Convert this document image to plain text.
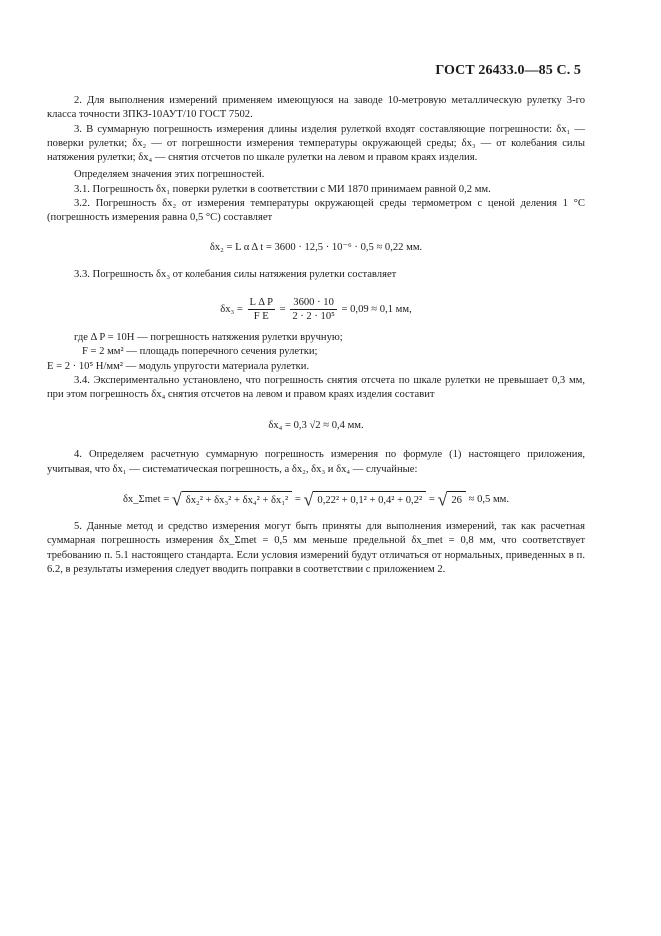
ГОСТ 26433.0—85 С. 5

2. Для выполнения измерений применяем имеющуюся на заводе 10-метровую металлическую рулетку 3-го класса точности ЗПКЗ-10АУТ/10 ГОСТ 7502.

3. В суммарную погрешность измерения длины изделия рулеткой входят составляющие погрешности: δx₁ — поверки рулетки; δx₂ — от погрешности измерения температуры окружающей среды; δx₃ — от колебания силы натяжения рулетки; δx₄ — снятия отсчетов по шкале рулетки на левом и правом краях изделия.

Определяем значения этих погрешностей.

3.1. Погрешность δx₁ поверки рулетки в соответствии с МИ 1870 принимаем равной 0,2 мм.

3.2. Погрешность δx₂ от измерения температуры окружающей среды термометром с ценой деления 1 °С (погрешность измерения равна 0,5 °С) составляет

δx₂ = L α Δ t = 3600 · 12,5 · 10⁻⁶ · 0,5 ≈ 0,22 мм.

3.3. Погрешность δx₃ от колебания силы натяжения рулетки составляет

$\delta x_3 = \frac{\text{L Δ P}}{\text{F E}} = \frac{3600 \cdot 10}{\text{2 · 2 · 10⁵}} = 0,09 \approx 0,1$ мм,

где Δ P = 10Н — погрешность натяжения рулетки вручную;

F = 2 мм² — площадь поперечного сечения рулетки;

E = 2 · 10⁵ Н/мм² — модуль упругости материала рулетки.

3.4. Экспериментально установлено, что погрешность снятия отсчета по шкале рулетки не превышает 0,3 мм, при этом погрешность δx₄ снятия отсчетов на левом и правом краях изделия составит

δx₄ = 0,3 √2 ≈ 0,4 мм.

4. Определяем расчетную суммарную погрешность измерения по формуле (1) настоящего приложения, учитывая, что δx₁ — систематическая погрешность, а δx₂, δx₃ и δx₄ — случайные:

δx_Σmet = √ δx₂² + δx₃² + δx₄² + δx₁² = √ 0,22² + 0,1² + 0,4² + 0,2² = √ 26 ≈ 0,5 мм.

5. Данные метод и средство измерения могут быть приняты для выполнения измерений, так как расчетная суммарная погрешность измерения δx_Σmet = 0,5 мм меньше предельной δx_met = 0,8 мм, что соответствует требованию п. 5.1 настоящего стандарта. Если условия измерений будут отличаться от нормальных, приведенных в п. 6.2, в результаты измерения следует вводить поправки в соответствии с приложением 2.
